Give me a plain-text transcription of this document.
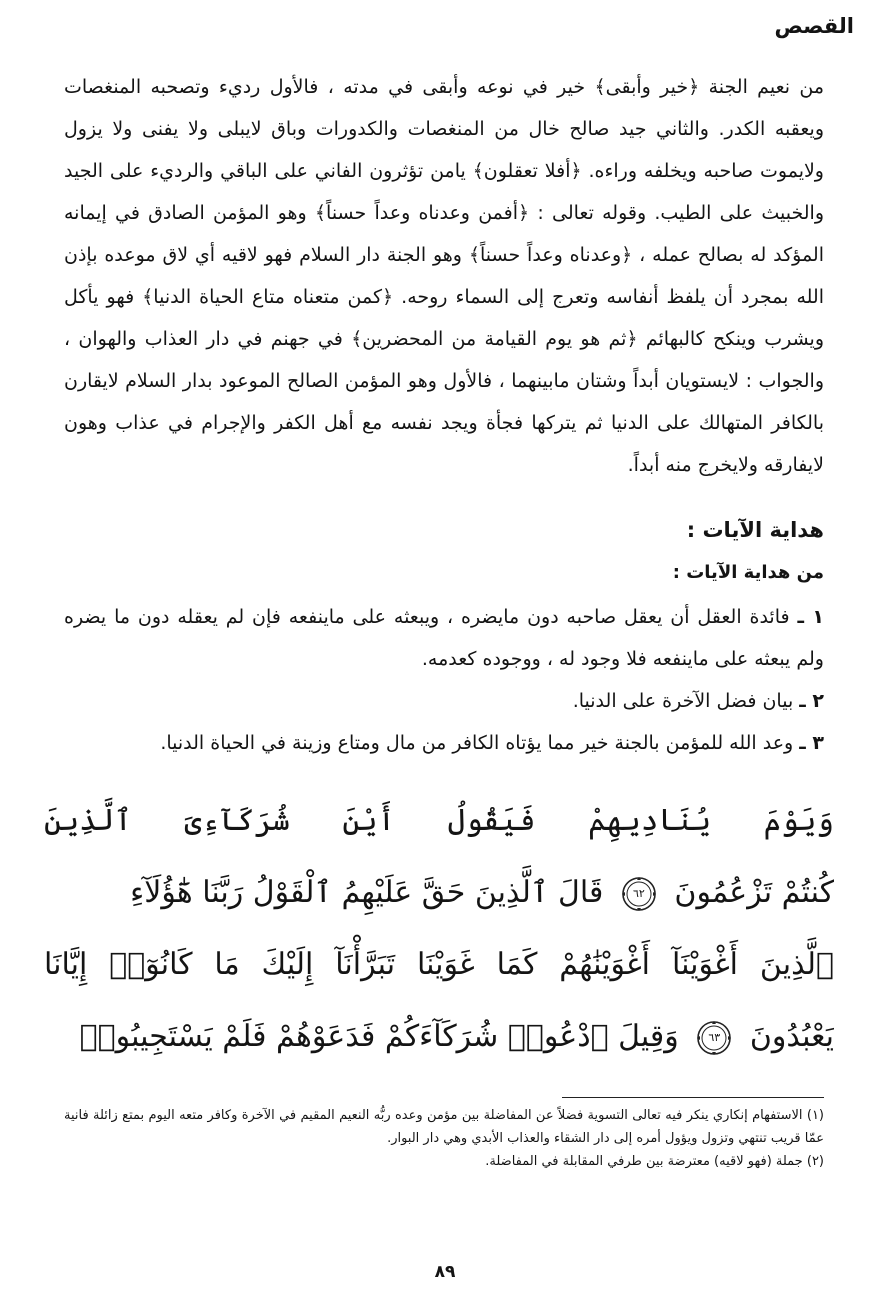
القصص

من نعيم الجنة ﴿خير وأبقى﴾ خير في نوعه وأبقى في مدته ، فالأول رديء وتصحبه المنغصات ويعقبه الكدر. والثاني جيد صالح خال من المنغصات والكدورات وباق لايبلى ولا يفنى ولا يزول ولايموت صاحبه ويخلفه وراءه. ﴿أفلا تعقلون﴾ يامن تؤثرون الفاني على الباقي والرديء على الجيد والخبيث على الطيب. وقوله تعالى : ﴿أفمن وعدناه وعداً حسناً﴾ وهو المؤمن الصادق في إيمانه المؤكد له بصالح عمله ، ﴿وعدناه وعداً حسناً﴾ وهو الجنة دار السلام فهو لاقيه أي لاق موعده بإذن الله بمجرد أن يلفظ أنفاسه وتعرج إلى السماء روحه. ﴿كمن متعناه متاع الحياة الدنيا﴾ فهو يأكل ويشرب وينكح كالبهائم ﴿ثم هو يوم القيامة من المحضرين﴾ في جهنم في دار العذاب والهوان ، والجواب : لايستويان أبداً وشتان مابينهما ، فالأول وهو المؤمن الصالح الموعود بدار السلام لايقارن بالكافر المتهالك على الدنيا ثم يتركها فجأة ويجد نفسه مع أهل الكفر والإجرام في عذاب وهون لايفارقه ولايخرج منه أبداً.

هداية الآيات :
من هداية الآيات :
١ ـ فائدة العقل أن يعقل صاحبه دون مايضره ، ويبعثه على ماينفعه فإن لم يعقله دون ما يضره ولم يبعثه على ماينفعه فلا وجود له ، ووجوده كعدمه.
٢ ـ بيان فضل الآخرة على الدنيا.
٣ ـ وعد الله للمؤمن بالجنة خير مما يؤتاه الكافر من مال ومتاع وزينة في الحياة الدنيا.
وَيَوْمَ يُنَادِيهِمْ فَيَقُولُ أَيْنَ شُرَكَآءِىَ ٱلَّذِينَ
كُنتُمْ تَزْعُمُونَ
٦٢
قَالَ ٱلَّذِينَ حَقَّ عَلَيْهِمُ ٱلْقَوْلُ رَبَّنَا هَٰٓؤُلَآءِ
ٱلَّذِينَ أَغْوَيْنَآ أَغْوَيْنَٰهُمْ كَمَا غَوَيْنَا تَبَرَّأْنَآ إِلَيْكَ مَا كَانُوٓا۟ إِيَّانَا
يَعْبُدُونَ
٦٣
وَقِيلَ ٱدْعُوا۟ شُرَكَآءَكُمْ فَدَعَوْهُمْ فَلَمْ يَسْتَجِيبُوا۟

(١) الاستفهام إنكاري ينكر فيه تعالى التسوية فضلاً عن المفاضلة بين مؤمن وعده ربُّه النعيم المقيم في الآخرة وكافر متعه اليوم بمتع زائلة فانية عمّا قريب تنتهي وتزول ويؤول أمره إلى دار الشقاء والعذاب الأبدي وهي دار البوار.

(٢) جملة (فهو لاقيه) معترضة بين طرفي المقابلة في المفاضلة.

٨٩
